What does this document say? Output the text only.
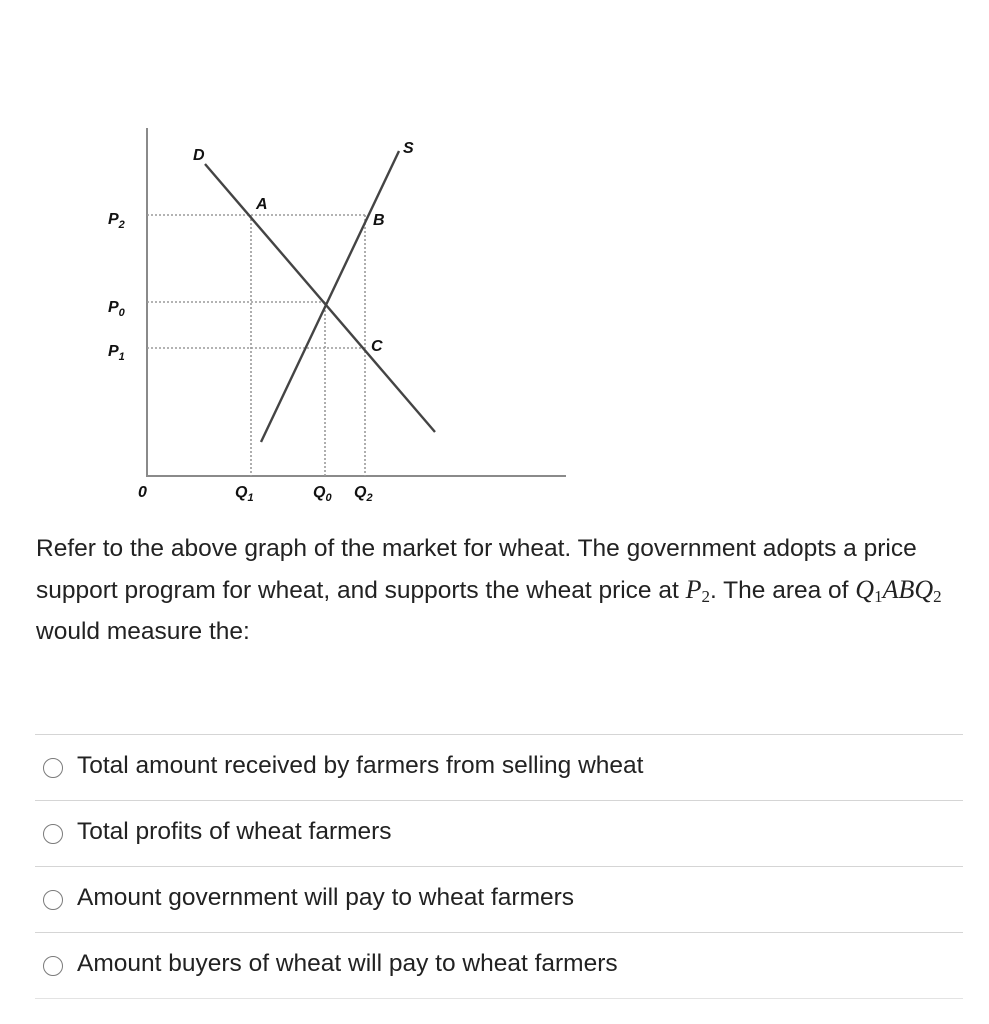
D	S
A
B
C
$P_2$
$P_0$
$P_1$
0	$Q_1$	$Q_0$ $Q_2$
Refer to the above graph of the market for wheat. The government adopts a price support program for wheat, and supports the wheat price at $P_2$. The area of $Q_1ABQ_2$ would measure the:
Total amount received by farmers from selling wheat
Total profits of wheat farmers
Amount government will pay to wheat farmers
Amount buyers of wheat will pay to wheat farmers
